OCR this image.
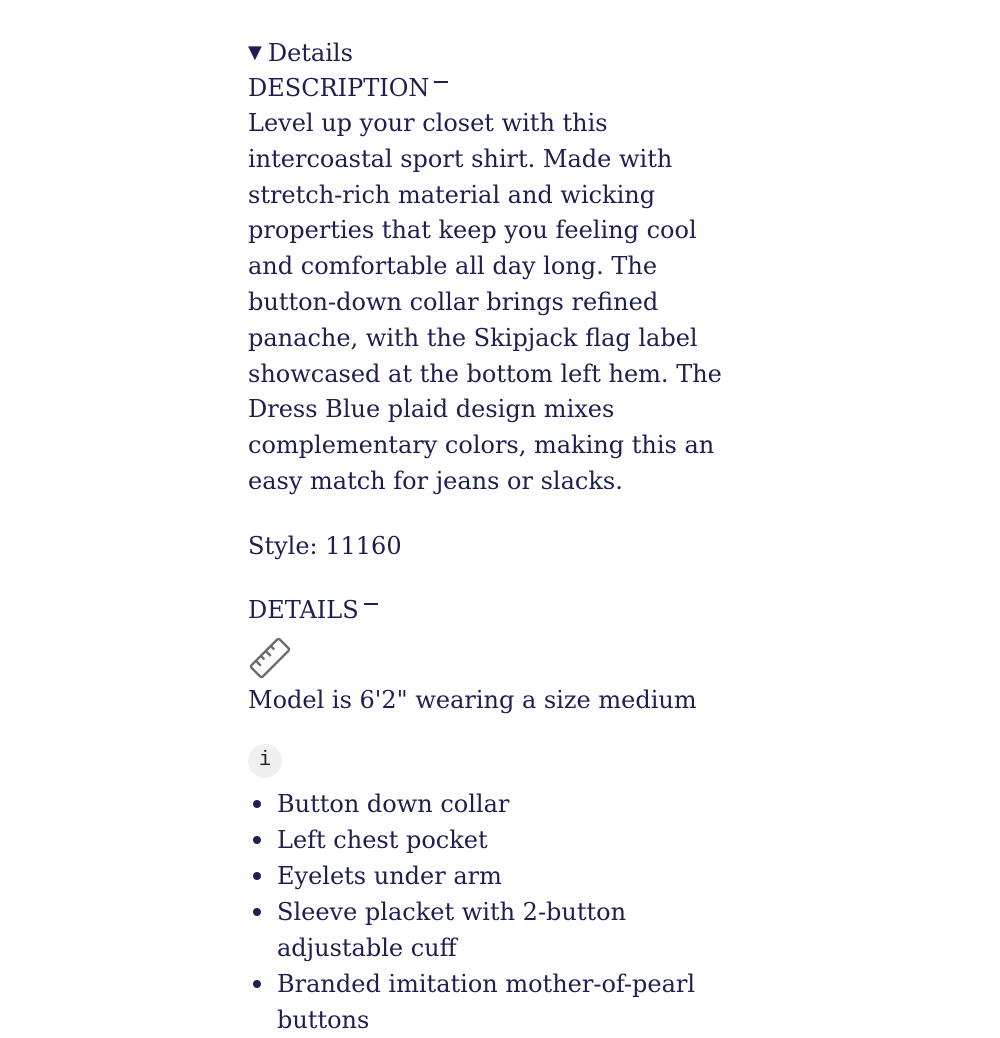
▼ Details
DESCRIPTION

Level up your closet with this intercoastal sport shirt. Made with stretch-rich material and wicking properties that keep you feeling cool and comfortable all day long. The button-down collar brings refined panache, with the Skipjack flag label showcased at the bottom left hem. The Dress Blue plaid design mixes complementary colors, making this an easy match for jeans or slacks.

Style: 11160
DETAILS
Model is 6'2" wearing a size medium
i
Button down collar
Left chest pocket
Eyelets under arm
Sleeve placket with 2-button adjustable cuff
Branded imitation mother-of-pearl buttons
